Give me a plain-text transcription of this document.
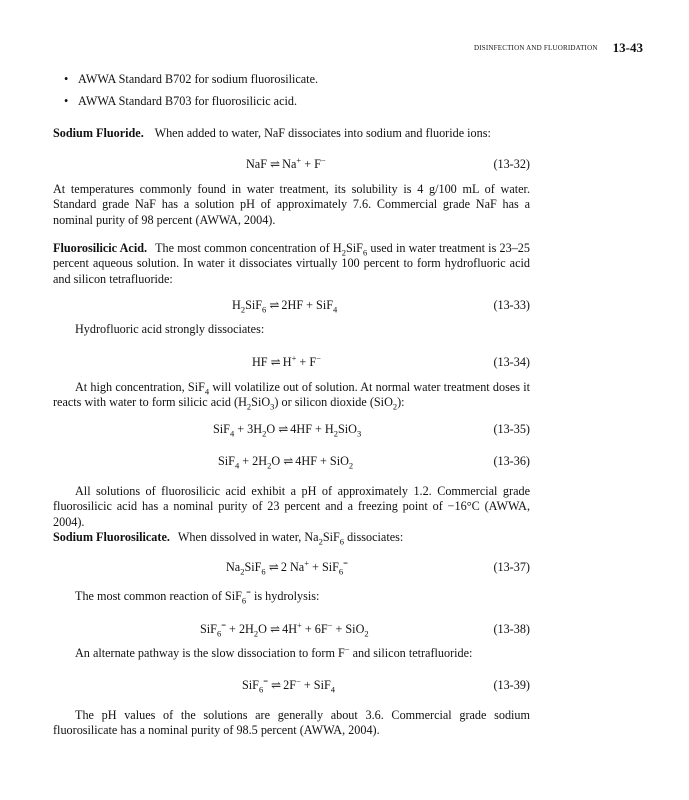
DISINFECTION AND FLUORIDATION 13-43
• AWWA Standard B702 for sodium fluorosilicate.
• AWWA Standard B703 for fluorosilicic acid.
Sodium Fluoride. When added to water, NaF dissociates into sodium and fluoride ions:
NaF ⇌ Na+ + F−	(13-32)
At temperatures commonly found in water treatment, its solubility is 4 g/100 mL of water. Standard grade NaF has a solution pH of approximately 7.6. Commercial grade NaF has a nominal purity of 98 percent (AWWA, 2004).
Fluorosilicic Acid. The most common concentration of $H_2SiF_6$ used in water treatment is 23–25 percent aqueous solution. In water it dissociates virtually 100 percent to form hydrofluoric acid and silicon tetrafluoride:
$H_2SiF_6$ ⇌ 2HF + SiF$_4$	(13-33)
Hydrofluoric acid strongly dissociates:
HF ⇌ H+ + F−	(13-34)
At high concentration, SiF$_4$ will volatilize out of solution. At normal water treatment doses it reacts with water to form silicic acid $(H_2SiO_3)$ or silicon dioxide (SiO$_2$):
$SiF_4 + 3H_2O$ ⇌ $4HF + H_2SiO_3$	(13-35)
$SiF_4 + 2H_2O$ ⇌ 4HF + SiO$_2$	(13-36)
All solutions of fluorosilicic acid exhibit a pH of approximately 1.2. Commercial grade fluorosilicic acid has a nominal purity of 23 percent and a freezing point of −16°C (AWWA, 2004).
Sodium Fluorosilicate. When dissolved in water, $Na_2SiF_6$ dissociates:
$Na_2SiF_6$ ⇌ 2 Na+ + SiF$_6$=	(13-37)
The most common reaction of SiF$_6$= is hydrolysis:
$SiF_6^= + 2H_2O$ ⇌ 4H+ + 6F− + SiO$_2$	(13-38)
An alternate pathway is the slow dissociation to form F− and silicon tetrafluoride:
SiF$_6$= ⇌ 2F− + SiF$_4$	(13-39)
The pH values of the solutions are generally about 3.6. Commercial grade sodium fluorosilicate has a nominal purity of 98.5 percent (AWWA, 2004).
